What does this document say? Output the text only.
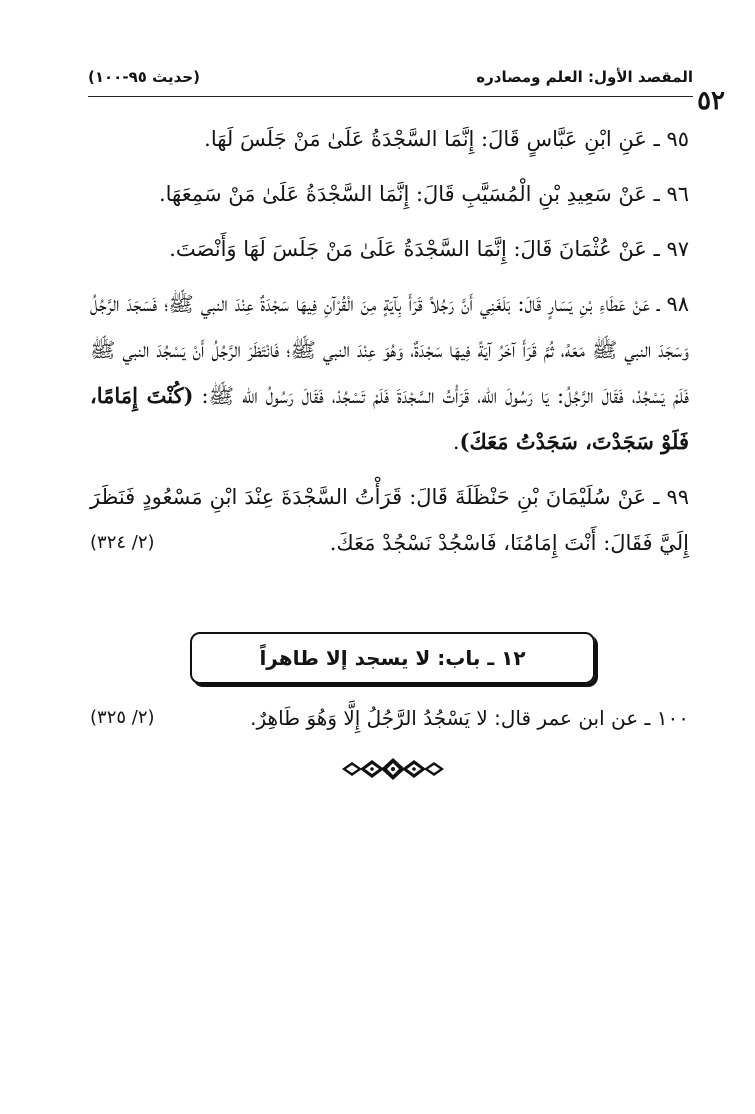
٥٢
المقصد الأول: العلم ومصادره
(حديث ٩٥-١٠٠)

٩٥ ـ عَنِ ابْنِ عَبَّاسٍ قَالَ: إِنَّمَا السَّجْدَةُ عَلَىٰ مَنْ جَلَسَ لَهَا.

٩٦ ـ عَنْ سَعِيدِ بْنِ الْمُسَيَّبِ قَالَ: إِنَّمَا السَّجْدَةُ عَلَىٰ مَنْ سَمِعَهَا.

٩٧ ـ عَنْ عُثْمَانَ قَالَ: إِنَّمَا السَّجْدَةُ عَلَىٰ مَنْ جَلَسَ لَهَا وَأَنْصَتَ.

٩٨ ـ عَنْ عَطَاءِ بْنِ يَسَارٍ قَالَ: بَلَغَنِي أَنَّ رَجُلاً قَرَأَ بِآيَةٍ مِنَ الْقُرْآنِ فِيهَا سَجْدَةٌ عِنْدَ النبي ﷺ؛ فَسَجَدَ الرَّجُلُ وَسَجَدَ النبي ﷺ مَعَهُ، ثُمَّ قَرَأَ آخَرُ آيَةً فِيهَا سَجْدَةٌ، وَهُوَ عِنْدَ النبي ﷺ؛ فَانْتَظَرَ الرَّجُلُ أَنْ يَسْجُدَ النبي ﷺ فَلَمْ يَسْجُدْ، فَقَالَ الرَّجُلُ: يَا رَسُولَ الله، قَرَأْتُ السَّجْدَةَ فَلَمْ تَسْجُدْ، فَقَالَ رَسُولُ الله ﷺ: (كُنْتَ إِمَامًا، فَلَوْ سَجَدْتَ، سَجَدْتُ مَعَكَ).

٩٩ ـ عَنْ سُلَيْمَانَ بْنِ حَنْظَلَةَ قَالَ: قَرَأْتُ السَّجْدَةَ عِنْدَ ابْنِ مَسْعُودٍ فَنَظَرَ إِلَيَّ فَقَالَ: أَنْتَ إِمَامُنَا، فَاسْجُدْ نَسْجُدْ مَعَكَ.
(٢/ ٣٢٤)

١٢ ـ باب: لا يسجد إلا طاهراً
١٠٠ ـ عن ابن عمر قال: لا يَسْجُدُ الرَّجُلُ إِلَّا وَهُوَ طَاهِرٌ.
(٢/ ٣٢٥)
